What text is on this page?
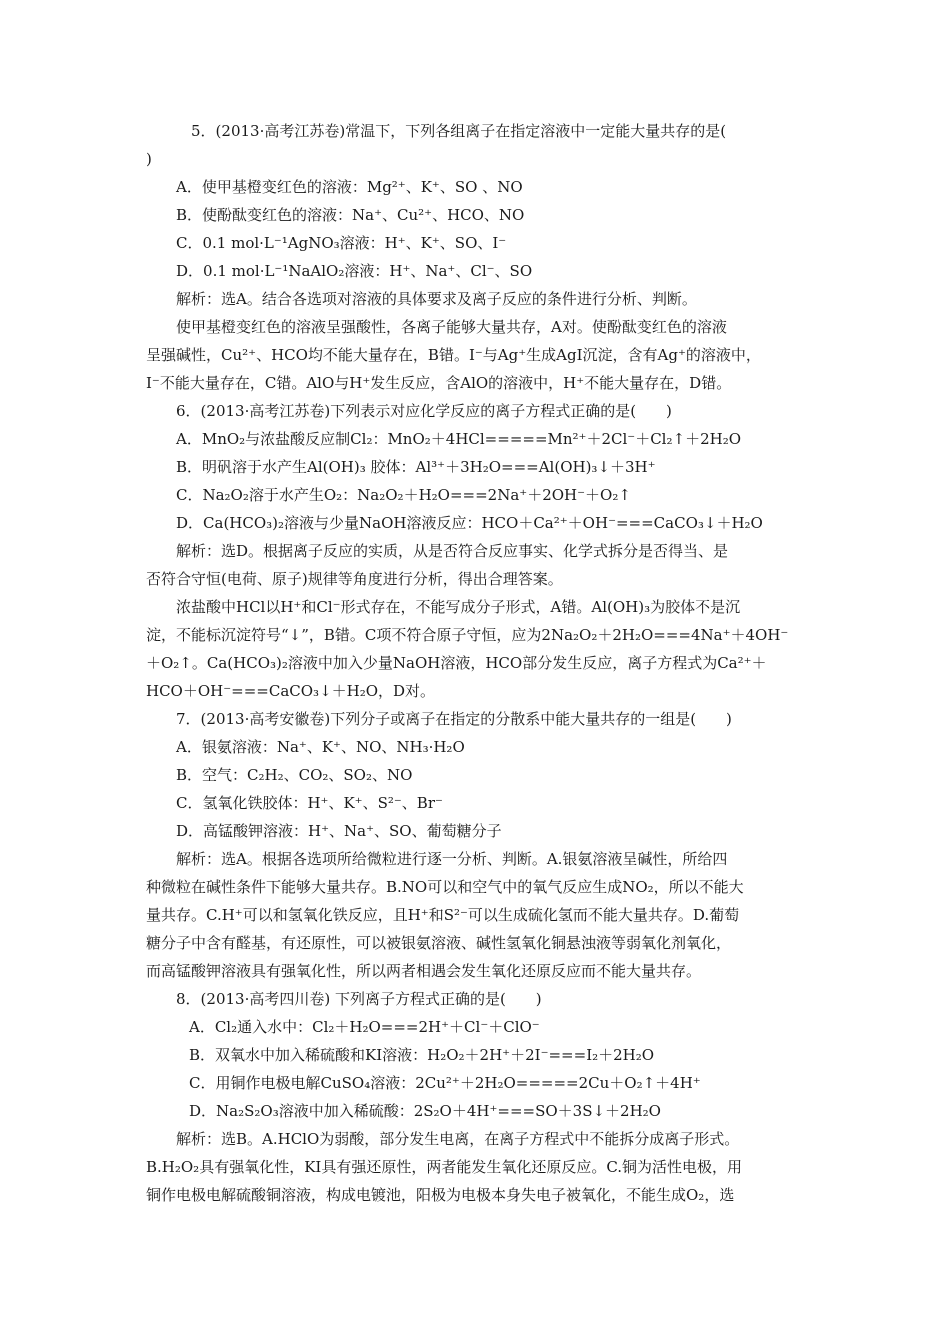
　5．(2013·高考江苏卷)常温下，下列各组离子在指定溶液中一定能大量共存的是(
)
A．使甲基橙变红色的溶液：Mg²⁺、K⁺、SO 、NO
B．使酚酞变红色的溶液：Na⁺、Cu²⁺、HCO、NO
C．0.1 mol·L⁻¹AgNO₃溶液：H⁺、K⁺、SO、I⁻
D．0.1 mol·L⁻¹NaAlO₂溶液：H⁺、Na⁺、Cl⁻、SO
解析：选A。结合各选项对溶液的具体要求及离子反应的条件进行分析、判断。
使甲基橙变红色的溶液呈强酸性，各离子能够大量共存，A对。使酚酞变红色的溶液
呈强碱性，Cu²⁺、HCO均不能大量存在，B错。I⁻与Ag⁺生成AgI沉淀，含有Ag⁺的溶液中，
I⁻不能大量存在，C错。AlO与H⁺发生反应，含AlO的溶液中，H⁺不能大量存在，D错。
6．(2013·高考江苏卷)下列表示对应化学反应的离子方程式正确的是(　　)
A．MnO₂与浓盐酸反应制Cl₂：MnO₂＋4HCl=====Mn²⁺＋2Cl⁻＋Cl₂↑＋2H₂O
B．明矾溶于水产生Al(OH)₃ 胶体：Al³⁺＋3H₂O===Al(OH)₃↓＋3H⁺
C．Na₂O₂溶于水产生O₂：Na₂O₂＋H₂O===2Na⁺＋2OH⁻＋O₂↑
D．Ca(HCO₃)₂溶液与少量NaOH溶液反应：HCO＋Ca²⁺＋OH⁻===CaCO₃↓＋H₂O
解析：选D。根据离子反应的实质，从是否符合反应事实、化学式拆分是否得当、是
否符合守恒(电荷、原子)规律等角度进行分析，得出合理答案。
浓盐酸中HCl以H⁺和Cl⁻形式存在，不能写成分子形式，A错。Al(OH)₃为胶体不是沉
淀，不能标沉淀符号“↓”，B错。C项不符合原子守恒，应为2Na₂O₂＋2H₂O===4Na⁺＋4OH⁻
＋O₂↑。Ca(HCO₃)₂溶液中加入少量NaOH溶液，HCO部分发生反应，离子方程式为Ca²⁺＋
HCO＋OH⁻===CaCO₃↓＋H₂O，D对。
7．(2013·高考安徽卷)下列分子或离子在指定的分散系中能大量共存的一组是(　　)
A．银氨溶液：Na⁺、K⁺、NO、NH₃·H₂O
B．空气：C₂H₂、CO₂、SO₂、NO
C．氢氧化铁胶体：H⁺、K⁺、S²⁻、Br⁻
D．高锰酸钾溶液：H⁺、Na⁺、SO、葡萄糖分子
解析：选A。根据各选项所给微粒进行逐一分析、判断。A.银氨溶液呈碱性，所给四
种微粒在碱性条件下能够大量共存。B.NO可以和空气中的氧气反应生成NO₂，所以不能大
量共存。C.H⁺可以和氢氧化铁反应，且H⁺和S²⁻可以生成硫化氢而不能大量共存。D.葡萄
糖分子中含有醛基，有还原性，可以被银氨溶液、碱性氢氧化铜悬浊液等弱氧化剂氧化，
而高锰酸钾溶液具有强氧化性，所以两者相遇会发生氧化还原反应而不能大量共存。
8．(2013·高考四川卷) 下列离子方程式正确的是(　　)
A．Cl₂通入水中：Cl₂＋H₂O===2H⁺＋Cl⁻＋ClO⁻
B．双氧水中加入稀硫酸和KI溶液：H₂O₂＋2H⁺＋2I⁻===I₂＋2H₂O
C．用铜作电极电解CuSO₄溶液：2Cu²⁺＋2H₂O=====2Cu＋O₂↑＋4H⁺
D．Na₂S₂O₃溶液中加入稀硫酸：2S₂O＋4H⁺===SO＋3S↓＋2H₂O
解析：选B。A.HClO为弱酸，部分发生电离，在离子方程式中不能拆分成离子形式。
B.H₂O₂具有强氧化性，KI具有强还原性，两者能发生氧化还原反应。C.铜为活性电极，用
铜作电极电解硫酸铜溶液，构成电镀池，阳极为电极本身失电子被氧化，不能生成O₂，选
